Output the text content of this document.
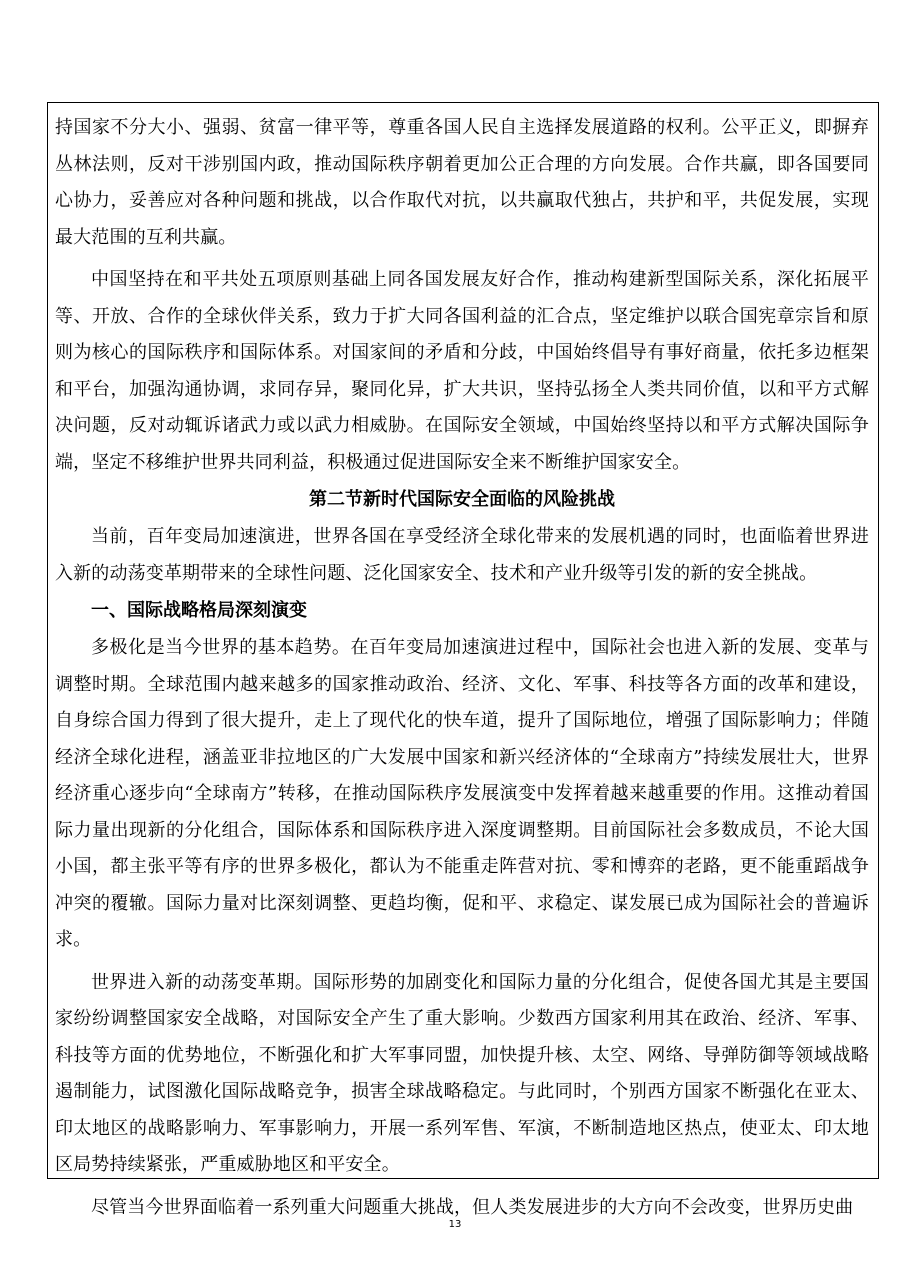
持国家不分大小、强弱、贫富一律平等，尊重各国人民自主选择发展道路的权利。公平正义，即摒弃丛林法则，反对干涉别国内政，推动国际秩序朝着更加公正合理的方向发展。合作共赢，即各国要同心协力，妥善应对各种问题和挑战，以合作取代对抗，以共赢取代独占，共护和平，共促发展，实现最大范围的互利共赢。

中国坚持在和平共处五项原则基础上同各国发展友好合作，推动构建新型国际关系，深化拓展平等、开放、合作的全球伙伴关系，致力于扩大同各国利益的汇合点，坚定维护以联合国宪章宗旨和原则为核心的国际秩序和国际体系。对国家间的矛盾和分歧，中国始终倡导有事好商量，依托多边框架和平台，加强沟通协调，求同存异，聚同化异，扩大共识，坚持弘扬全人类共同价值，以和平方式解决问题，反对动辄诉诸武力或以武力相威胁。在国际安全领域，中国始终坚持以和平方式解决国际争端，坚定不移维护世界共同利益，积极通过促进国际安全来不断维护国家安全。

第二节新时代国际安全面临的风险挑战

当前，百年变局加速演进，世界各国在享受经济全球化带来的发展机遇的同时，也面临着世界进入新的动荡变革期带来的全球性问题、泛化国家安全、技术和产业升级等引发的新的安全挑战。

一、国际战略格局深刻演变

多极化是当今世界的基本趋势。在百年变局加速演进过程中，国际社会也进入新的发展、变革与调整时期。全球范围内越来越多的国家推动政治、经济、文化、军事、科技等各方面的改革和建设，自身综合国力得到了很大提升，走上了现代化的快车道，提升了国际地位，增强了国际影响力；伴随经济全球化进程，涵盖亚非拉地区的广大发展中国家和新兴经济体的“全球南方”持续发展壮大，世界经济重心逐步向“全球南方”转移，在推动国际秩序发展演变中发挥着越来越重要的作用。这推动着国际力量出现新的分化组合，国际体系和国际秩序进入深度调整期。目前国际社会多数成员，不论大国小国，都主张平等有序的世界多极化，都认为不能重走阵营对抗、零和博弈的老路，更不能重蹈战争冲突的覆辙。国际力量对比深刻调整、更趋均衡，促和平、求稳定、谋发展已成为国际社会的普遍诉求。

世界进入新的动荡变革期。国际形势的加剧变化和国际力量的分化组合，促使各国尤其是主要国家纷纷调整国家安全战略，对国际安全产生了重大影响。少数西方国家利用其在政治、经济、军事、科技等方面的优势地位，不断强化和扩大军事同盟，加快提升核、太空、网络、导弹防御等领域战略遏制能力，试图激化国际战略竞争，损害全球战略稳定。与此同时，个别西方国家不断强化在亚太、印太地区的战略影响力、军事影响力，开展一系列军售、军演，不断制造地区热点，使亚太、印太地区局势持续紧张，严重威胁地区和平安全。

尽管当今世界面临着一系列重大问题重大挑战，但人类发展进步的大方向不会改变，世界历史曲

13
